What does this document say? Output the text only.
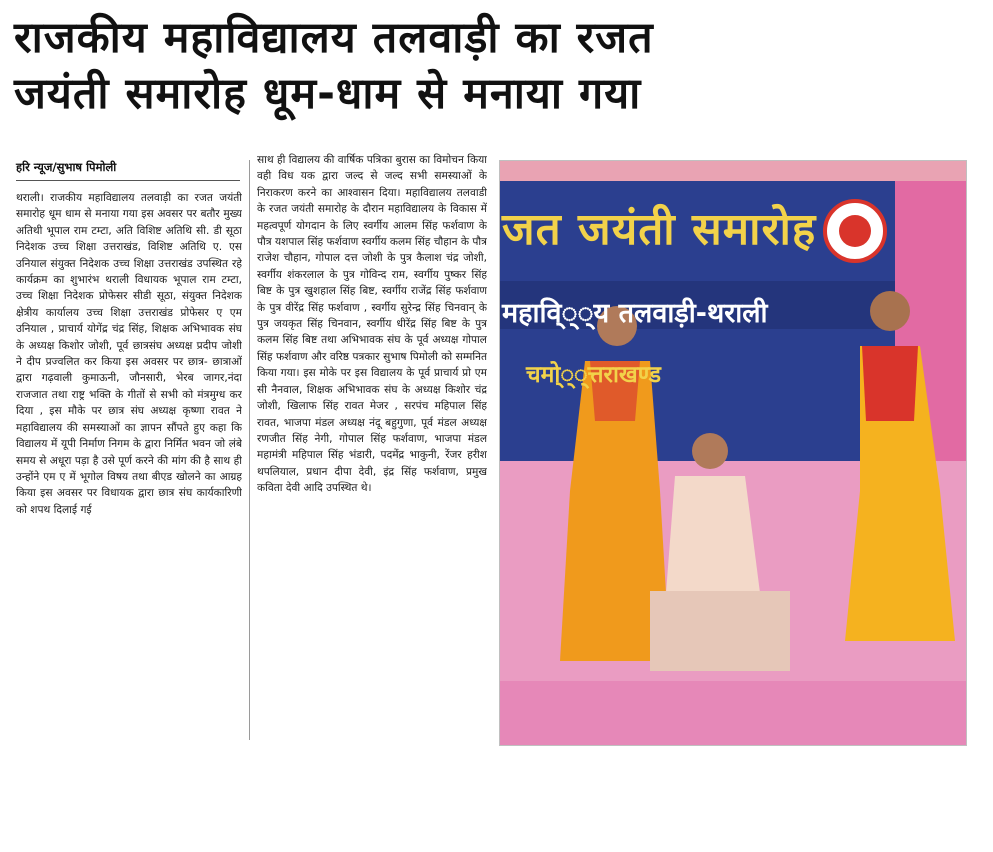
राजकीय महाविद्यालय तलवाड़ी का रजत
जयंती समारोह धूम-धाम से मनाया गया
हरि न्यूज/सुभाष पिमोली
थराली। राजकीय महाविद्यालय तलवाड़ी का रजत जयंती समारोह धूम धाम से मनाया गया इस अवसर पर बतौर मुख्य अतिथी भूपाल राम टम्टा, अति विशिष्ट अतिथि सी. डी सूठा निदेशक उच्च शिक्षा उत्तराखंड, विशिष्ट अतिथि ए. एस उनियाल संयुक्त निदेशक उच्च शिक्षा उत्तराखंड उपस्थित रहे कार्यक्रम का शुभारंभ थराली विधायक भूपाल राम टम्टा, उच्च शिक्षा निदेशक प्रोफेसर सीडी सूठा, संयुक्त निदेशक क्षेत्रीय कार्यालय उच्च शिक्षा उत्तराखंड प्रोफेसर ए एम उनियाल , प्राचार्य योगेंद्र चंद्र सिंह, शिक्षक अभिभावक संघ के अध्यक्ष किशोर जोशी, पूर्व छात्रसंघ अध्यक्ष प्रदीप जोशी ने दीप प्रज्वलित कर किया इस अवसर पर छात्र- छात्राओं द्वारा गढ़वाली कुमाऊनी, जौनसारी, भेरब जागर,नंदा राजजात तथा राष्ट्र भक्ति के गीतों से सभी को मंत्रमुग्ध कर दिया , इस मौके पर छात्र संघ अध्यक्ष कृष्णा रावत ने महाविद्यालय की समस्याओं का ज्ञापन सौंपते हुए कहा कि विद्यालय में यूपी निर्माण निगम के द्वारा निर्मित भवन जो लंबे समय से अधूरा पड़ा है उसे पूर्ण करने की मांग की है साथ ही उन्होंने एम ए में भूगोल विषय तथा बीएड खोलने का आग्रह किया इस अवसर पर विधायक द्वारा छात्र संघ कार्यकारिणी को शपथ दिलाई गई
साथ ही विद्यालय की वार्षिक पत्रिका बुरास का विमोचन किया वही विध यक द्वारा जल्द से जल्द सभी समस्याओं के निराकरण करने का आश्वासन दिया। महाविद्यालय तलवाडी के रजत जयंती समारोह के दौरान महाविद्यालय के विकास में महत्वपूर्ण योगदान के लिए स्वर्गीय आलम सिंह फर्शवाण के पौत्र यशपाल सिंह फर्शवाण स्वर्गीय कलम सिंह चौहान के पौत्र राजेश चौहान, गोपाल दत्त जोशी के पुत्र कैलाश चंद्र जोशी, स्वर्गीय शंकरलाल के पुत्र गोविन्द राम, स्वर्गीय पुष्कर सिंह बिष्ट के पुत्र खुशहाल सिंह बिष्ट, स्वर्गीय राजेंद्र सिंह फर्शवाण के पुत्र वीरेंद्र सिंह फर्शवाण , स्वर्गीय सुरेन्द्र सिंह चिनवान् के पुत्र जयकृत सिंह चिनवान, स्वर्गीय धीरेंद्र सिंह बिष्ट के पुत्र कलम सिंह बिष्ट तथा अभिभावक संघ के पूर्व अध्यक्ष गोपाल सिंह फर्शवाण और वरिष्ठ पत्रकार सुभाष पिमोली को सम्मनित किया गया। इस मोके पर इस विद्यालय के पूर्व प्राचार्य प्रो एम सी नैनवाल, शिक्षक अभिभावक संघ के अध्यक्ष किशोर चंद्र जोशी, खिलाफ सिंह रावत मेजर , सरपंच महिपाल सिंह रावत, भाजपा मंडल अध्यक्ष नंदू बहुगुणा, पूर्व मंडल अध्यक्ष रणजीत सिंह नेगी, गोपाल सिंह फर्शवाण, भाजपा मंडल महामंत्री महिपाल सिंह भंडारी, पदमेंद्र भाकुनी, रेंजर हरीश थपलियाल, प्रधान दीपा देवी, इंद्र सिंह फर्शवाण, प्रमुख कविता देवी आदि उपस्थित थे।
जत जयंती समारोह
महावि्‌्‌्‌य तलवाड़ी-थराली
चमो्‌्‌्‌त्तराखण्ड
